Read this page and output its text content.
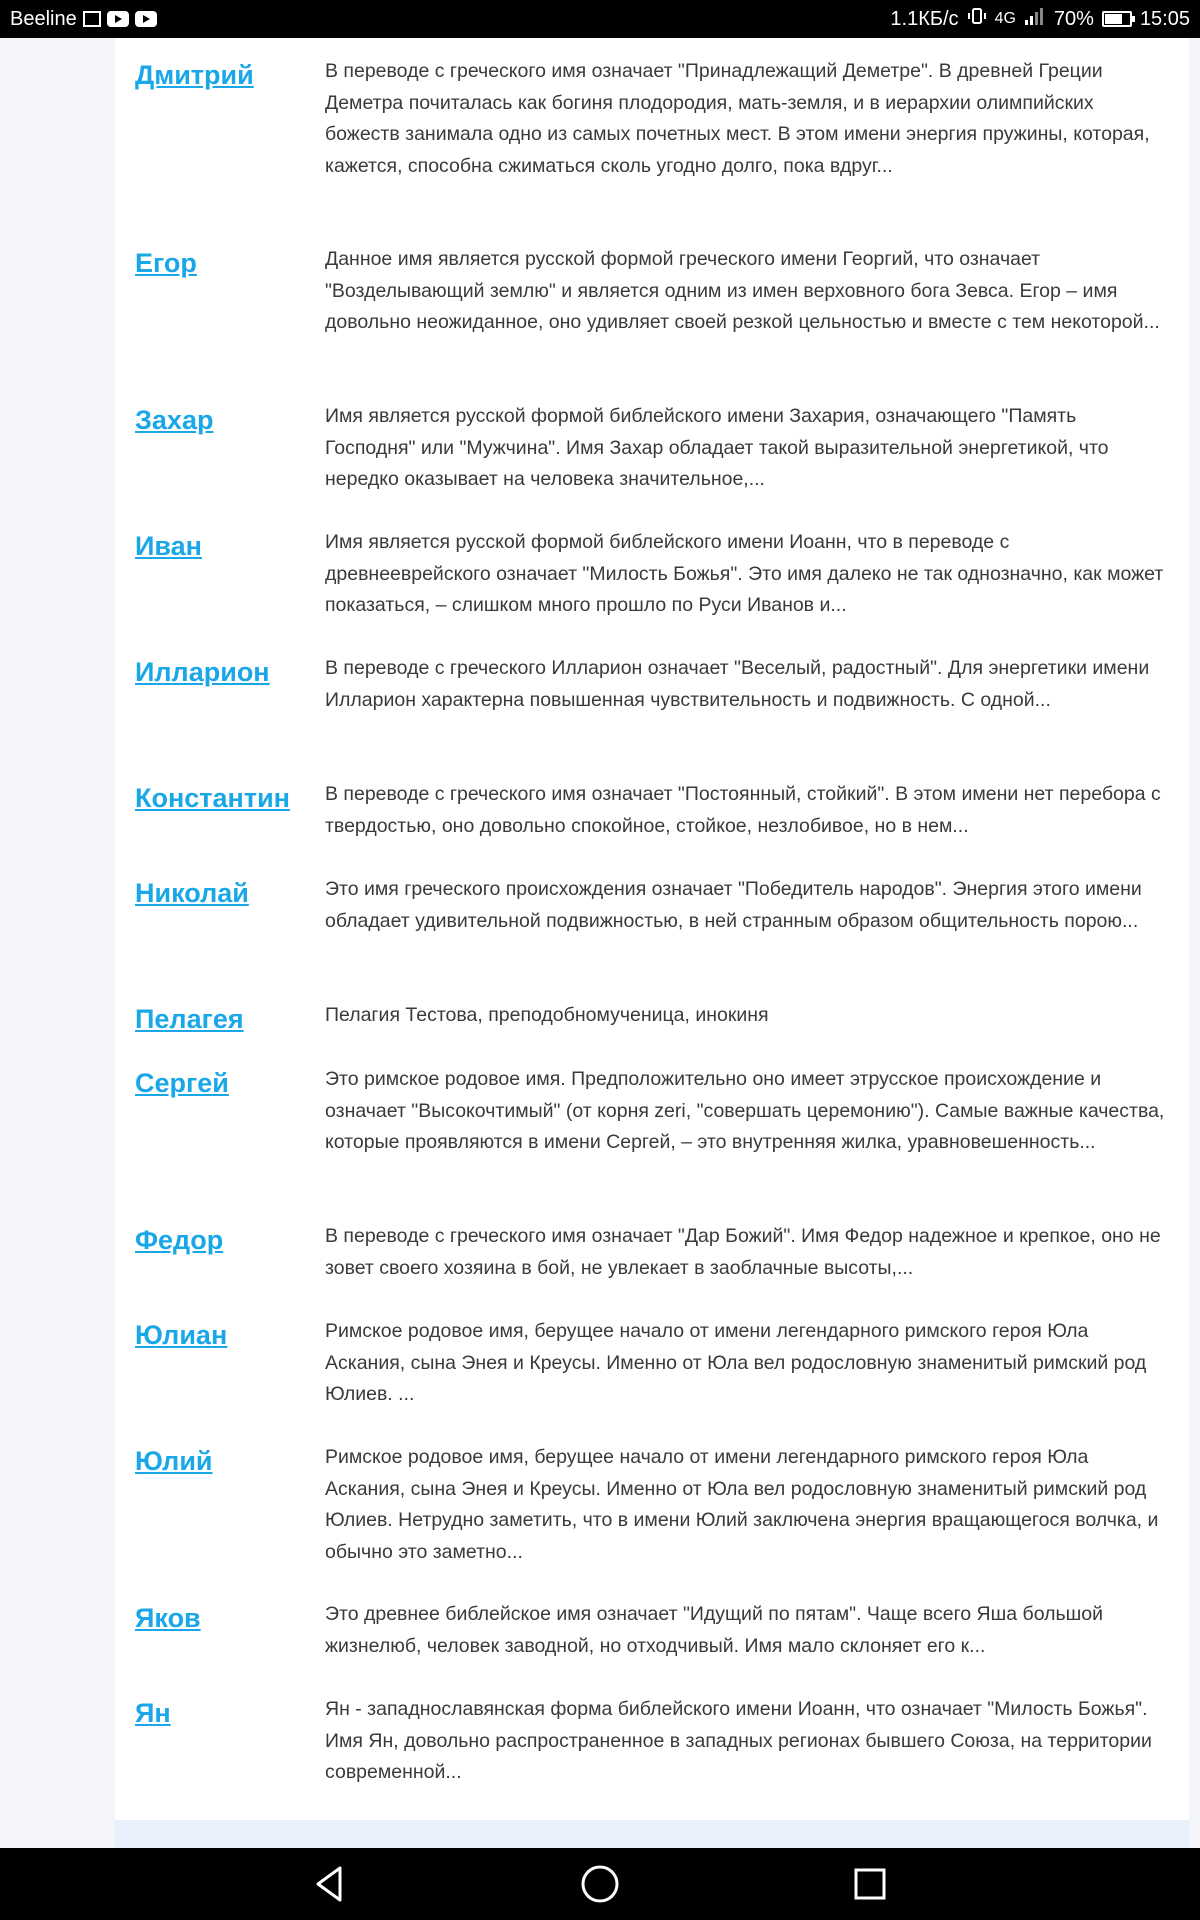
Beeline	1.1КБ/с 4G 70% 15:05
Дмитрий	В переводе с греческого имя означает "Принадлежащий Деметре". В древней Греции Деметра почиталась как богиня плодородия, мать-земля, и в иерархии олимпийских божеств занимала одно из самых почетных мест. В этом имени энергия пружины, которая, кажется, способна сжиматься сколь угодно долго, пока вдруг...
Егор	Данное имя является русской формой греческого имени Георгий, что означает "Возделывающий землю" и является одним из имен верховного бога Зевса. Егор – имя довольно неожиданное, оно удивляет своей резкой цельностью и вместе с тем некоторой...
Захар	Имя является русской формой библейского имени Захария, означающего "Память Господня" или "Мужчина". Имя Захар обладает такой выразительной энергетикой, что нередко оказывает на человека значительное,...
Иван	Имя является русской формой библейского имени Иоанн, что в переводе с древнееврейского означает "Милость Божья". Это имя далеко не так однозначно, как может показаться, – слишком много прошло по Руси Иванов и...
Илларион	В переводе с греческого Илларион означает "Веселый, радостный". Для энергетики имени Илларион характерна повышенная чувствительность и подвижность. С одной...
Константин	В переводе с греческого имя означает "Постоянный, стойкий". В этом имени нет перебора с твердостью, оно довольно спокойное, стойкое, незлобивое, но в нем...
Николай	Это имя греческого происхождения означает "Победитель народов". Энергия этого имени обладает удивительной подвижностью, в ней странным образом общительность порою...
Пелагея	Пелагия Тестова, преподобномученица, инокиня
Сергей	Это римское родовое имя. Предположительно оно имеет этрусское происхождение и означает "Высокочтимый" (от корня zeri, "совершать церемонию"). Самые важные качества, которые проявляются в имени Сергей, – это внутренняя жилка, уравновешенность...
Федор	В переводе с греческого имя означает "Дар Божий". Имя Федор надежное и крепкое, оно не зовет своего хозяина в бой, не увлекает в заоблачные высоты,...
Юлиан	Римское родовое имя, берущее начало от имени легендарного римского героя Юла Аскания, сына Энея и Креусы. Именно от Юла вел родословную знаменитый римский род Юлиев. ...
Юлий	Римское родовое имя, берущее начало от имени легендарного римского героя Юла Аскания, сына Энея и Креусы. Именно от Юла вел родословную знаменитый римский род Юлиев. Нетрудно заметить, что в имени Юлий заключена энергия вращающегося волчка, и обычно это заметно...
Яков	Это древнее библейское имя означает "Идущий по пятам". Чаще всего Яша большой жизнелюб, человек заводной, но отходчивый. Имя мало склоняет его к...
Ян	Ян - западнославянская форма библейского имени Иоанн, что означает "Милость Божья". Имя Ян, довольно распространенное в западных регионах бывшего Союза, на территории современной...
